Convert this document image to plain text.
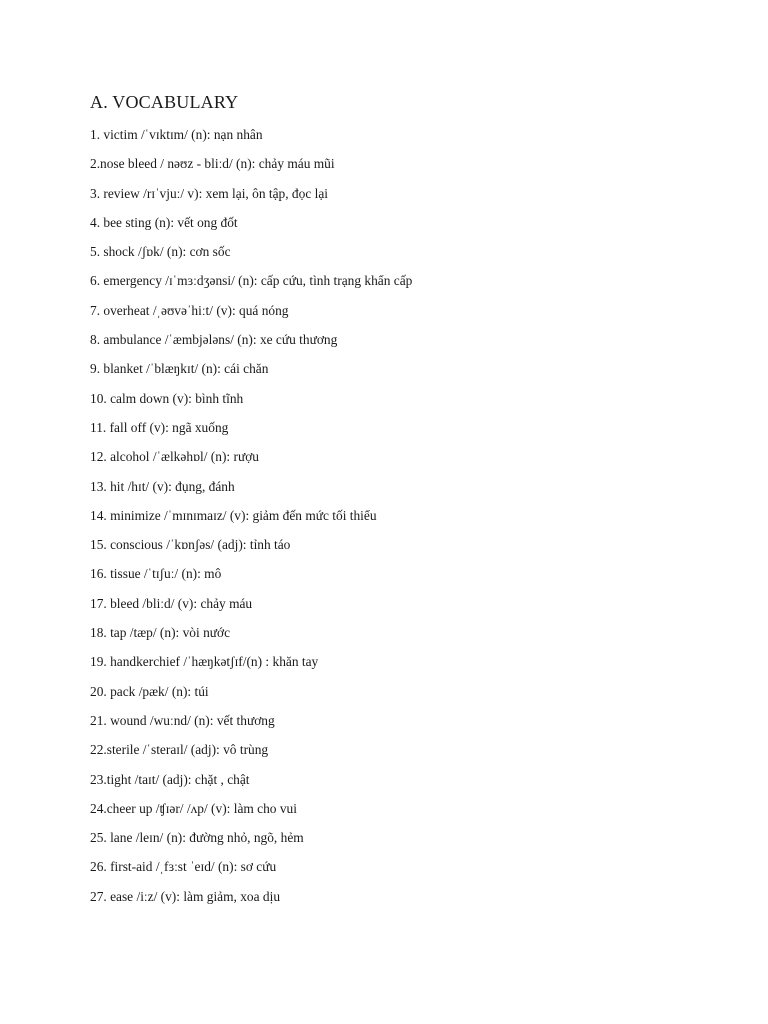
A. VOCABULARY
1. victim /ˈvɪktɪm/ (n): nạn nhân
2.nose bleed / nəʊz - bliːd/ (n): chảy máu mũi
3. review /rɪˈvjuː/ v): xem lại, ôn tập, đọc lại
4. bee sting (n): vết ong đốt
5. shock /ʃɒk/ (n): cơn sốc
6. emergency /ɪˈmɜːdʒənsi/ (n): cấp cứu, tình trạng khẩn cấp
7. overheat /ˌəʊvəˈhiːt/ (v): quá nóng
8. ambulance /ˈæmbjələns/ (n): xe cứu thương
9. blanket /ˈblæŋkɪt/ (n): cái chăn
10. calm down (v): bình tĩnh
11. fall off (v): ngã xuống
12. alcohol /ˈælkəhɒl/ (n): rượu
13. hit /hɪt/ (v): đụng, đánh
14. minimize /ˈmɪnɪmaɪz/ (v): giảm đến mức tối thiểu
15. conscious /ˈkɒnʃəs/ (adj): tỉnh táo
16. tissue /ˈtɪʃuː/ (n): mô
17. bleed /bliːd/ (v): chảy máu
18. tap /tæp/ (n): vòi nước
19. handkerchief /ˈhæŋkətʃɪf/(n) : khăn tay
20. pack /pæk/ (n): túi
21. wound /wuːnd/ (n): vết thương
22.sterile /ˈsteraɪl/ (adj): vô trùng
23.tight /taɪt/ (adj): chặt , chật
24.cheer up /ʧɪər/ /ʌp/ (v): làm cho vui
25. lane /leɪn/ (n): đường nhỏ, ngõ, hẻm
26. first-aid /ˌfɜːst ˈeɪd/ (n): sơ cứu
27. ease /iːz/ (v): làm giảm, xoa dịu
